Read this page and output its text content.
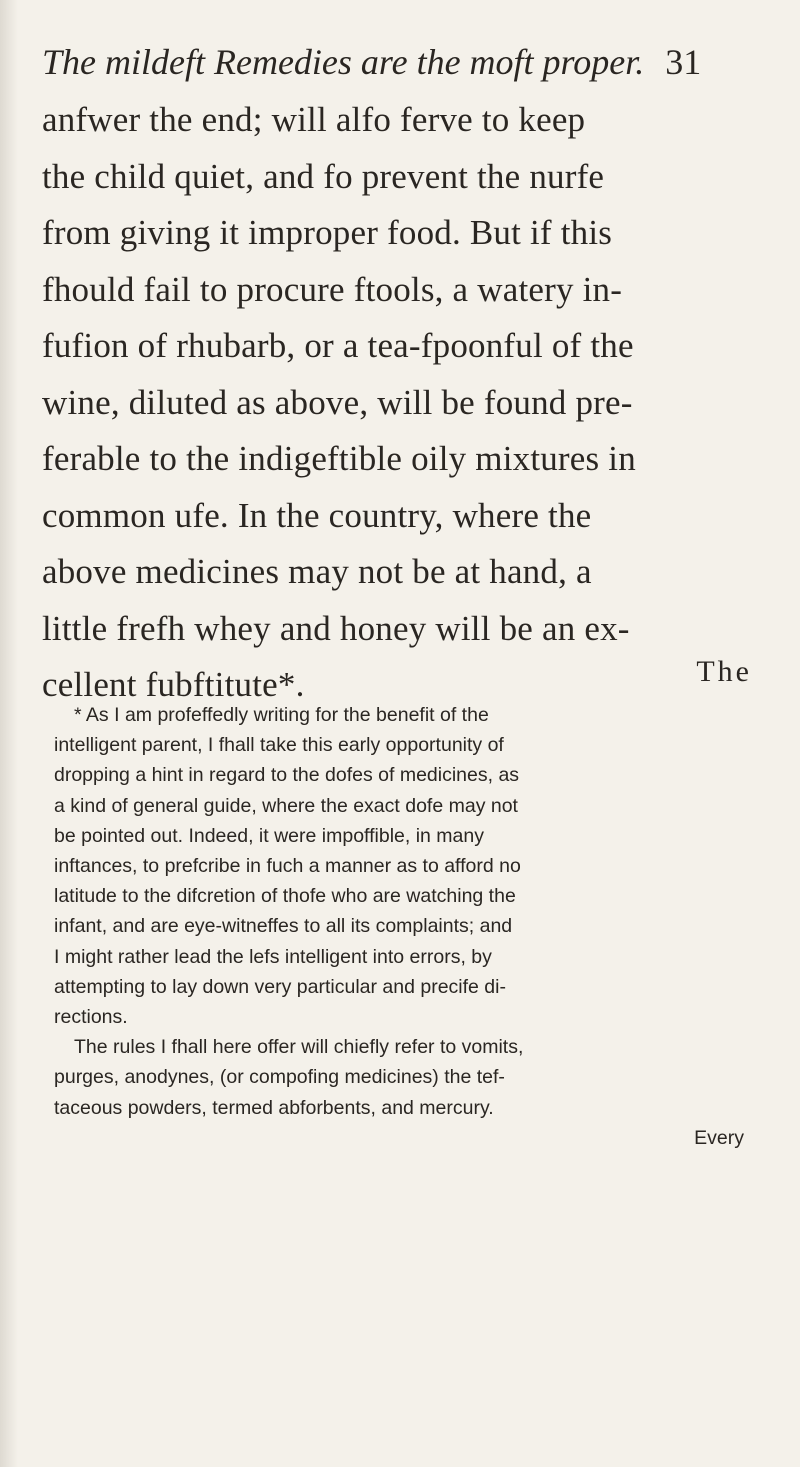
The mildeft Remedies are the moft proper. 31

anfwer the end; will alfo ferve to keep
the child quiet, and fo prevent the nurfe
from giving it improper food. But if this
fhould fail to procure ftools, a watery in-
fufion of rhubarb, or a tea-fpoonful of the
wine, diluted as above, will be found pre-
ferable to the indigeftible oily mixtures in
common ufe. In the country, where the
above medicines may not be at hand, a
little frefh whey and honey will be an ex-
cellent fubftitute*.	The

* As I am profeffedly writing for the benefit of the
intelligent parent, I fhall take this early opportunity of
dropping a hint in regard to the dofes of medicines, as
a kind of general guide, where the exact dofe may not
be pointed out. Indeed, it were impoffible, in many
inftances, to prefcribe in fuch a manner as to afford no
latitude to the difcretion of thofe who are watching the
infant, and are eye-witneffes to all its complaints; and
I might rather lead the lefs intelligent into errors, by
attempting to lay down very particular and precife di-
rections.
The rules I fhall here offer will chiefly refer to vomits,
purges, anodynes, (or compofing medicines) the tef-
taceous powders, termed abforbents, and mercury.
Every
